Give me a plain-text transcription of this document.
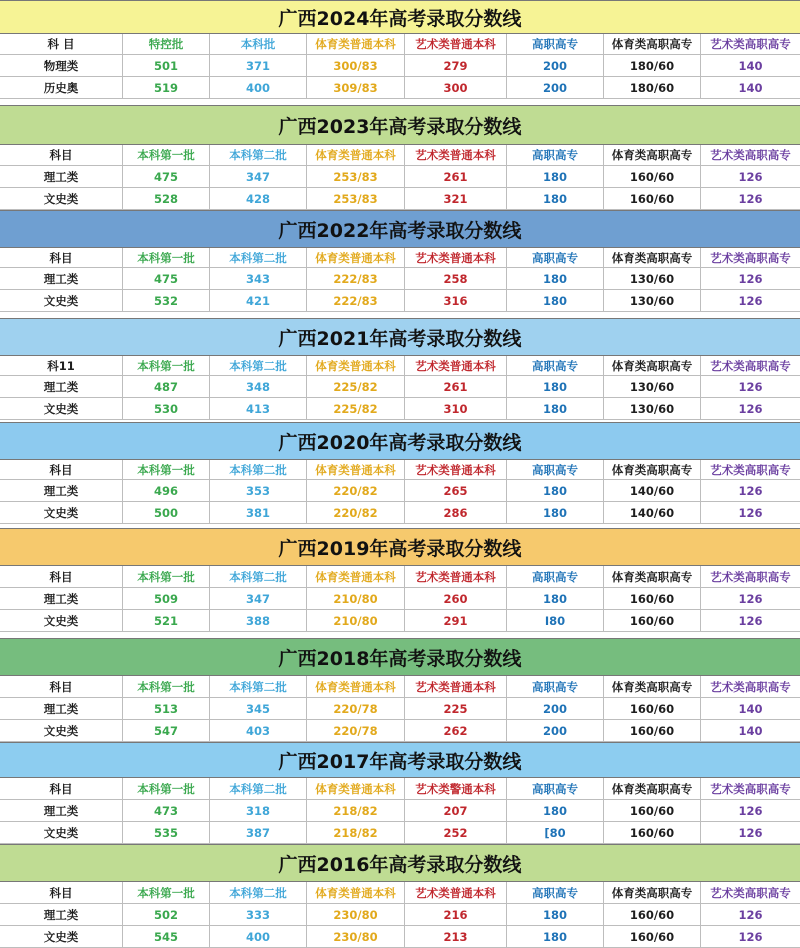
广西2024年高考录取分数线
科 目	特控批	本科批	体育类普通本科	艺术类普通本科	高职高专	体育类高职高专	艺术类高职高专
物理类	501	371	300/83	279	200	180/60	140
历史奥	519	400	309/83	300	200	180/60	140
广西2023年高考录取分数线
科目	本科第一批	本科第二批	体育类普通本科	艺术类普通本科	高职高专	体育类高职高专	艺术类高职高专
理工类	475	347	253/83	261	180	160/60	126
文史类	528	428	253/83	321	180	160/60	126
广西2022年高考录取分数线
科目	本科第一批	本科第二批	体育类普通本科	艺术类普通本科	高职高专	体育类高职高专	艺术类高职高专
理工类	475	343	222/83	258	180	130/60	126
文史类	532	421	222/83	316	180	130/60	126
广西2021年高考录取分数线
科11	本科第一批	本科第二批	体育类普通本科	艺术类普通本科	高职高专	体育类高职高专	艺术类高职高专
理工类	487	348	225/82	261	180	130/60	126
文史类	530	413	225/82	310	180	130/60	126
广西2020年高考录取分数线
科目	本科第一批	本科第二批	体育类普通本科	艺术类普通本科	高职高专	体育类高职高专	艺术类高职高专
理工类	496	353	220/82	265	180	140/60	126
文史类	500	381	220/82	286	180	140/60	126
广西2019年高考录取分数线
科目	本科第一批	本科第二批	体育类普通本科	艺术类普通本科	高职高专	体育类高职高专	艺术类高职高专
理工类	509	347	210/80	260	180	160/60	126
文史类	521	388	210/80	291	I80	160/60	126
广西2018年高考录取分数线
科目	本科第一批	本科第二批	体育类普通本科	艺术类普通本科	高职高专	体育类高职高专	艺术类高职高专
理工类	513	345	220/78	225	200	160/60	140
文史类	547	403	220/78	262	200	160/60	140
广西2017年高考录取分数线
科目	本科第一批	本科第二批	体育类普通本科	艺术类警通本科	高职高专	体育类高职高专	艺术类高职高专
理工类	473	318	218/82	207	180	160/60	126
文史类	535	387	218/82	252	[80	160/60	126
广西2016年高考录取分数线
科目	本科第一批	本科第二批	体育类普通本科	艺术类普通本科	高职高专	体育类高职高专	艺术类高职高专
理工类	502	333	230/80	216	180	160/60	126
文史类	545	400	230/80	213	180	160/60	126
